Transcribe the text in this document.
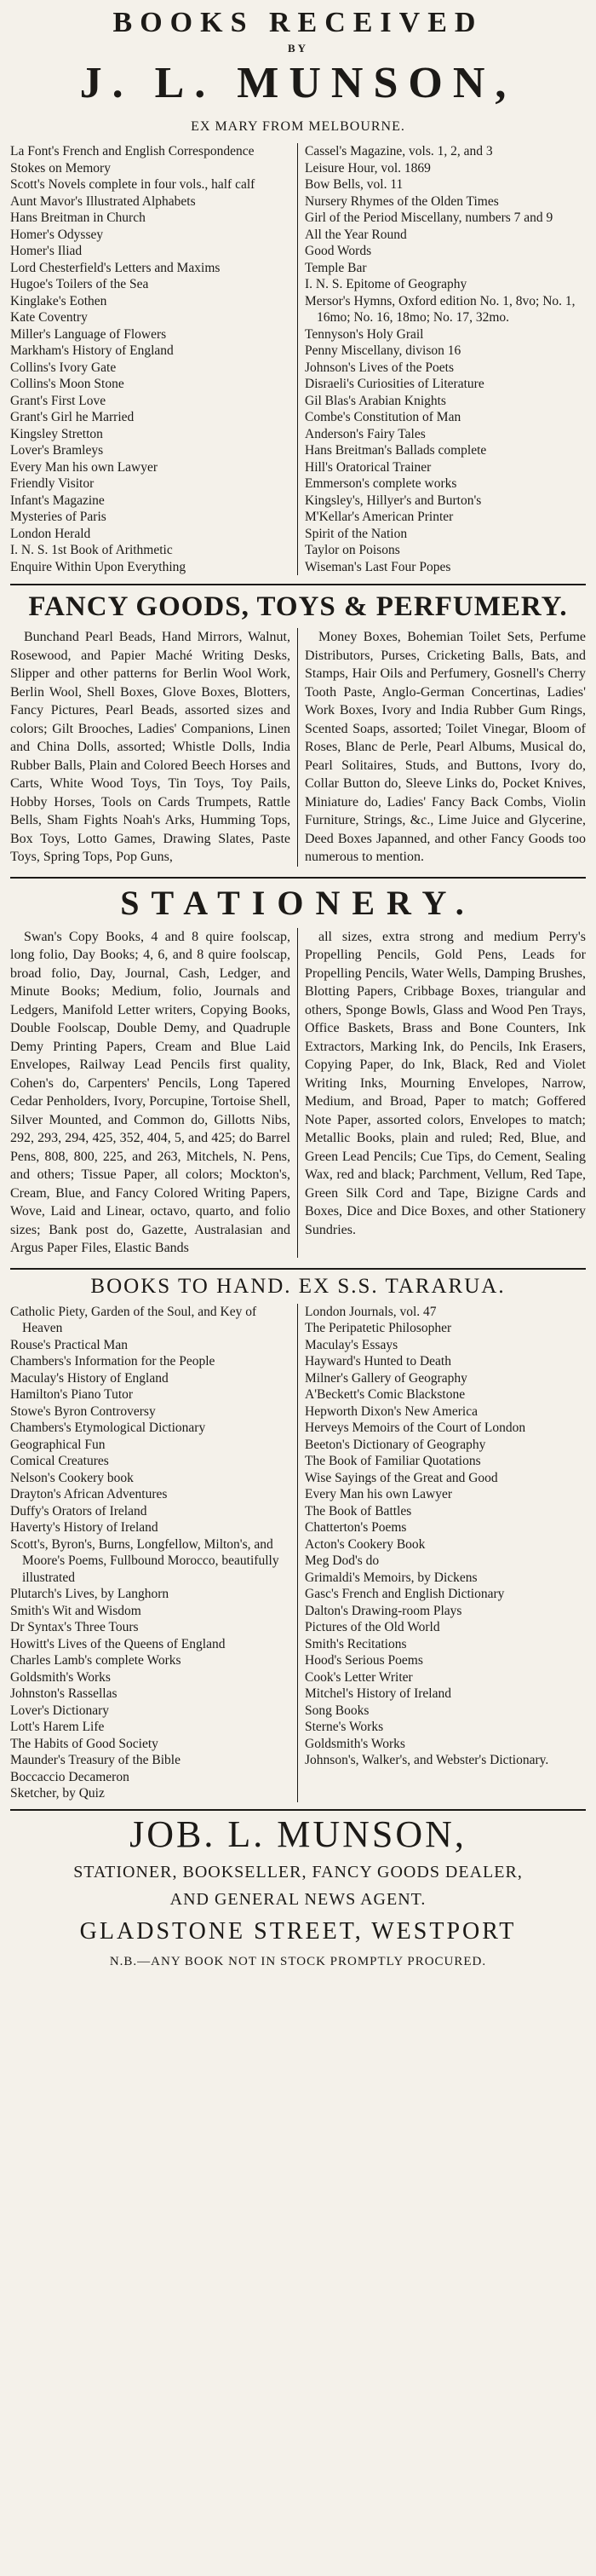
BOOKS RECEIVED
BY
J. L. MUNSON,
EX MARY FROM MELBOURNE.
La Font's French and English Correspondence
Stokes on Memory
Scott's Novels complete in four vols., half calf
Aunt Mavor's Illustrated Alphabets
Hans Breitman in Church
Homer's Odyssey
Homer's Iliad
Lord Chesterfield's Letters and Maxims
Hugoe's Toilers of the Sea
Kinglake's Eothen
Kate Coventry
Miller's Language of Flowers
Markham's History of England
Collins's Ivory Gate
Collins's Moon Stone
Grant's First Love
Grant's Girl he Married
Kingsley Stretton
Lover's Bramleys
Every Man his own Lawyer
Friendly Visitor
Infant's Magazine
Mysteries of Paris
London Herald
I. N. S. 1st Book of Arithmetic
Enquire Within Upon Everything
Cassel's Magazine, vols. 1, 2, and 3
Leisure Hour, vol. 1869
Bow Bells, vol. 11
Nursery Rhymes of the Olden Times
Girl of the Period Miscellany, numbers 7 and 9
All the Year Round
Good Words
Temple Bar
I. N. S. Epitome of Geography
Mersor's Hymns, Oxford edition No. 1, 8vo; No. 1, 16mo; No. 16, 18mo; No. 17, 32mo.
Tennyson's Holy Grail
Penny Miscellany, divison 16
Johnson's Lives of the Poets
Disraeli's Curiosities of Literature
Gil Blas's Arabian Knights
Combe's Constitution of Man
Anderson's Fairy Tales
Hans Breitman's Ballads complete
Hill's Oratorical Trainer
Emmerson's complete works
Kingsley's, Hillyer's and Burton's
M'Kellar's American Printer
Spirit of the Nation
Taylor on Poisons
Wiseman's Last Four Popes
FANCY GOODS, TOYS & PERFUMERY.
Bunchand Pearl Beads, Hand Mirrors, Walnut, Rosewood, and Papier Maché Writing Desks, Slipper and other patterns for Berlin Wool Work, Berlin Wool, Shell Boxes, Glove Boxes, Blotters, Fancy Pictures, Pearl Beads, assorted sizes and colors; Gilt Brooches, Ladies' Companions, Linen and China Dolls, assorted; Whistle Dolls, India Rubber Balls, Plain and Colored Beech Horses and Carts, White Wood Toys, Tin Toys, Toy Pails, Hobby Horses, Tools on Cards Trumpets, Rattle Bells, Sham Fights Noah's Arks, Humming Tops, Box Toys, Lotto Games, Drawing Slates, Paste Toys, Spring Tops, Pop Guns,
Money Boxes, Bohemian Toilet Sets, Perfume Distributors, Purses, Cricketing Balls, Bats, and Stamps, Hair Oils and Perfumery, Gosnell's Cherry Tooth Paste, Anglo-German Concertinas, Ladies' Work Boxes, Ivory and India Rubber Gum Rings, Scented Soaps, assorted; Toilet Vinegar, Bloom of Roses, Blanc de Perle, Pearl Albums, Musical do, Pearl Solitaires, Studs, and Buttons, Ivory do, Collar Button do, Sleeve Links do, Pocket Knives, Miniature do, Ladies' Fancy Back Combs, Violin Furniture, Strings, &c., Lime Juice and Glycerine, Deed Boxes Japanned, and other Fancy Goods too numerous to mention.
STATIONERY.
Swan's Copy Books, 4 and 8 quire foolscap, long folio, Day Books; 4, 6, and 8 quire foolscap, broad folio, Day, Journal, Cash, Ledger, and Minute Books; Medium, folio, Journals and Ledgers, Manifold Letter writers, Copying Books, Double Foolscap, Double Demy, and Quadruple Demy Printing Papers, Cream and Blue Laid Envelopes, Railway Lead Pencils first quality, Cohen's do, Carpenters' Pencils, Long Tapered Cedar Penholders, Ivory, Porcupine, Tortoise Shell, Silver Mounted, and Common do, Gillotts Nibs, 292, 293, 294, 425, 352, 404, 5, and 425; do Barrel Pens, 808, 800, 225, and 263, Mitchels, N. Pens, and others; Tissue Paper, all colors; Mockton's, Cream, Blue, and Fancy Colored Writing Papers, Wove, Laid and Linear, octavo, quarto, and folio sizes; Bank post do, Gazette, Australasian and Argus Paper Files, Elastic Bands
all sizes, extra strong and medium Perry's Propelling Pencils, Gold Pens, Leads for Propelling Pencils, Water Wells, Damping Brushes, Blotting Papers, Cribbage Boxes, triangular and others, Sponge Bowls, Glass and Wood Pen Trays, Office Baskets, Brass and Bone Counters, Ink Extractors, Marking Ink, do Pencils, Ink Erasers, Copying Paper, do Ink, Black, Red and Violet Writing Inks, Mourning Envelopes, Narrow, Medium, and Broad, Paper to match; Goffered Note Paper, assorted colors, Envelopes to match; Metallic Books, plain and ruled; Red, Blue, and Green Lead Pencils; Cue Tips, do Cement, Sealing Wax, red and black; Parchment, Vellum, Red Tape, Green Silk Cord and Tape, Bizigne Cards and Boxes, Dice and Dice Boxes, and other Stationery Sundries.
BOOKS TO HAND. EX S.S. TARARUA.
Catholic Piety, Garden of the Soul, and Key of Heaven
Rouse's Practical Man
Chambers's Information for the People
Maculay's History of England
Hamilton's Piano Tutor
Stowe's Byron Controversy
Chambers's Etymological Dictionary
Geographical Fun
Comical Creatures
Nelson's Cookery book
Drayton's African Adventures
Duffy's Orators of Ireland
Haverty's History of Ireland
Scott's, Byron's, Burns, Longfellow, Milton's, and Moore's Poems, Fullbound Morocco, beautifully illustrated
Plutarch's Lives, by Langhorn
Smith's Wit and Wisdom
Dr Syntax's Three Tours
Howitt's Lives of the Queens of England
Charles Lamb's complete Works
Goldsmith's Works
Johnston's Rassellas
Lover's Dictionary
Lott's Harem Life
The Habits of Good Society
Maunder's Treasury of the Bible
Boccaccio Decameron
Sketcher, by Quiz
London Journals, vol. 47
The Peripatetic Philosopher
Maculay's Essays
Hayward's Hunted to Death
Milner's Gallery of Geography
A'Beckett's Comic Blackstone
Hepworth Dixon's New America
Herveys Memoirs of the Court of London
Beeton's Dictionary of Geography
The Book of Familiar Quotations
Wise Sayings of the Great and Good
Every Man his own Lawyer
The Book of Battles
Chatterton's Poems
Acton's Cookery Book
Meg Dod's do
Grimaldi's Memoirs, by Dickens
Gasc's French and English Dictionary
Dalton's Drawing-room Plays
Pictures of the Old World
Smith's Recitations
Hood's Serious Poems
Cook's Letter Writer
Mitchel's History of Ireland
Song Books
Sterne's Works
Goldsmith's Works
Johnson's, Walker's, and Webster's Dictionary.
JOB. L. MUNSON,
STATIONER, BOOKSELLER, FANCY GOODS DEALER,
AND GENERAL NEWS AGENT.
GLADSTONE STREET, WESTPORT
N.B.—ANY BOOK NOT IN STOCK PROMPTLY PROCURED.
